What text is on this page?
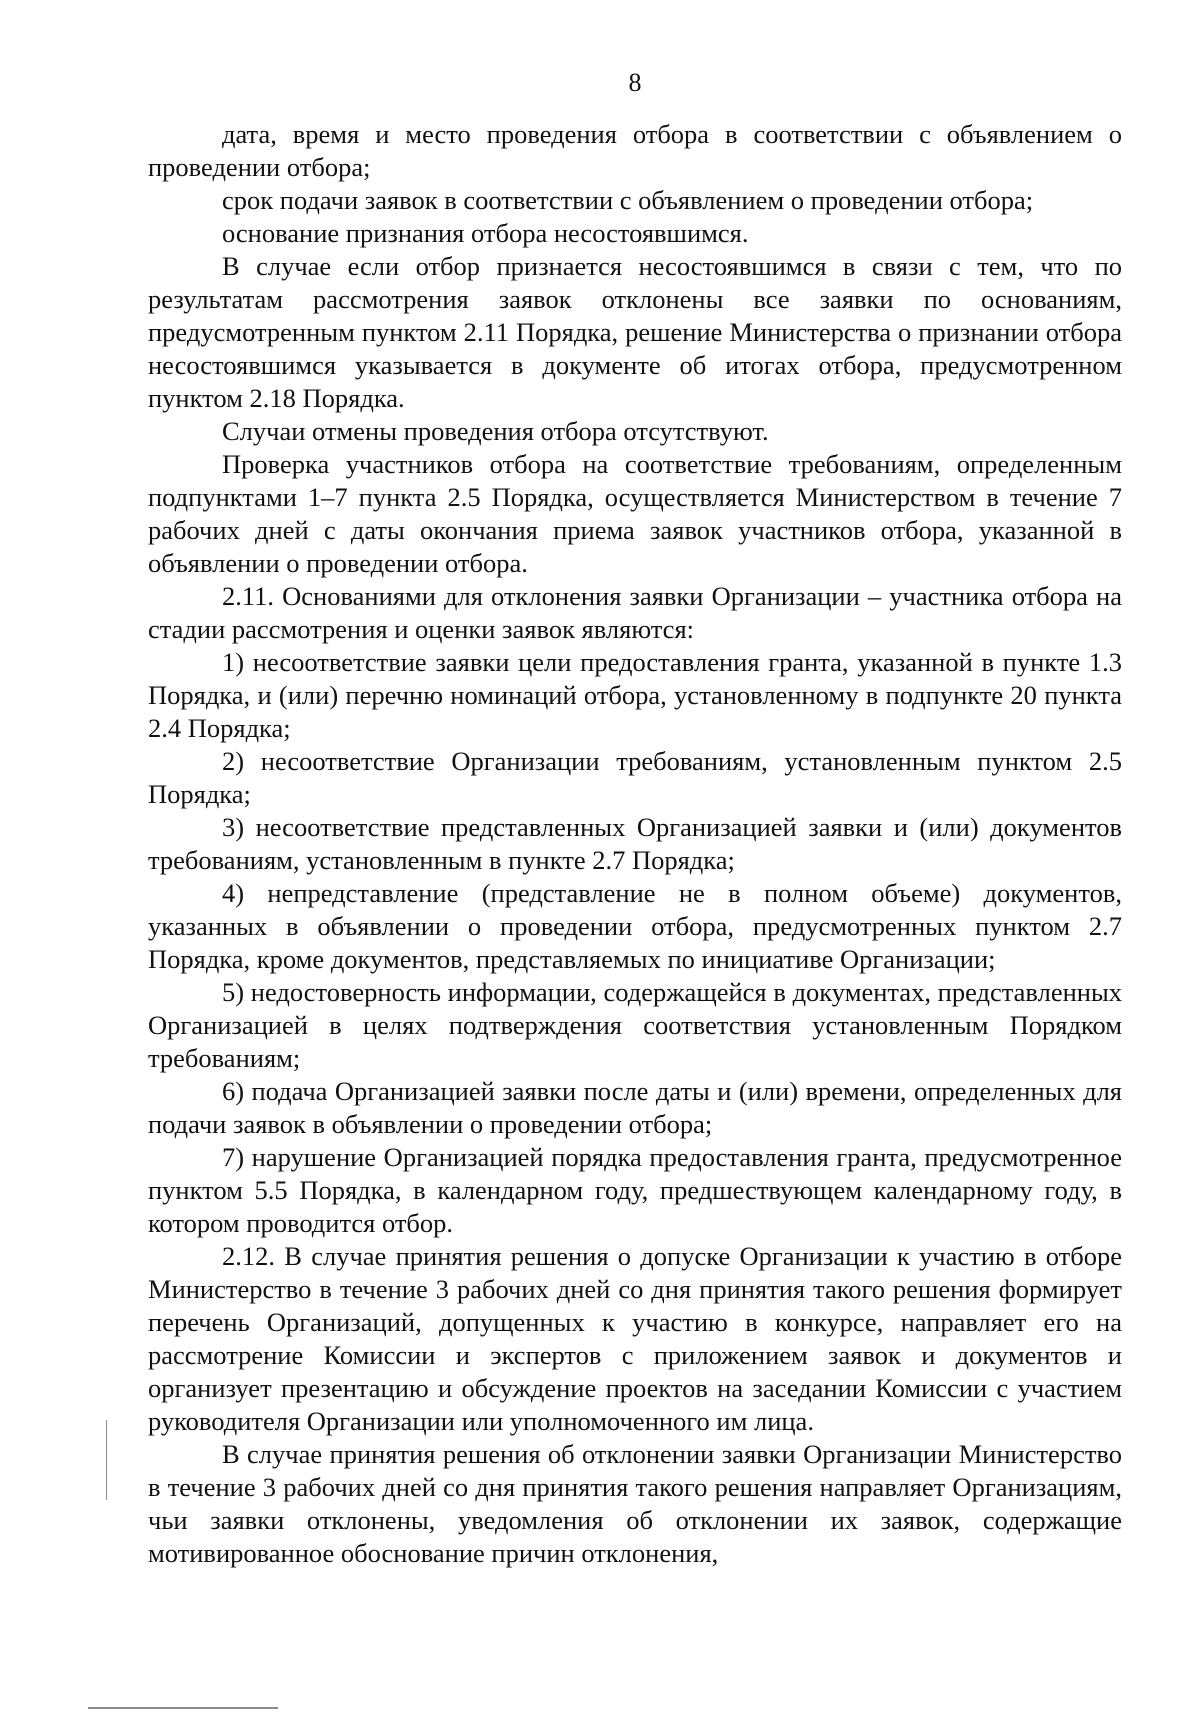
8

дата, время и место проведения отбора в соответствии с объявлением о проведении отбора;

срок подачи заявок в соответствии с объявлением о проведении отбора;

основание признания отбора несостоявшимся.

В случае если отбор признается несостоявшимся в связи с тем, что по результатам рассмотрения заявок отклонены все заявки по основаниям, предусмотренным пунктом 2.11 Порядка, решение Министерства о признании отбора несостоявшимся указывается в документе об итогах отбора, предусмотренном пунктом 2.18 Порядка.

Случаи отмены проведения отбора отсутствуют.

Проверка участников отбора на соответствие требованиям, определенным подпунктами 1–7 пункта 2.5 Порядка, осуществляется Министерством в течение 7 рабочих дней с даты окончания приема заявок участников отбора, указанной в объявлении о проведении отбора.

2.11. Основаниями для отклонения заявки Организации – участника отбора на стадии рассмотрения и оценки заявок являются:

1) несоответствие заявки цели предоставления гранта, указанной в пункте 1.3 Порядка, и (или) перечню номинаций отбора, установленному в подпункте 20 пункта 2.4 Порядка;

2) несоответствие Организации требованиям, установленным пунктом 2.5 Порядка;

3) несоответствие представленных Организацией заявки и (или) документов требованиям, установленным в пункте 2.7 Порядка;

4) непредставление (представление не в полном объеме) документов, указанных в объявлении о проведении отбора, предусмотренных пунктом 2.7 Порядка, кроме документов, представляемых по инициативе Организации;

5) недостоверность информации, содержащейся в документах, представленных Организацией в целях подтверждения соответствия установленным Порядком требованиям;

6) подача Организацией заявки после даты и (или) времени, определенных для подачи заявок в объявлении о проведении отбора;

7) нарушение Организацией порядка предоставления гранта, предусмотренное пунктом 5.5 Порядка, в календарном году, предшествующем календарному году, в котором проводится отбор.

2.12. В случае принятия решения о допуске Организации к участию в отборе Министерство в течение 3 рабочих дней со дня принятия такого решения формирует перечень Организаций, допущенных к участию в конкурсе, направляет его на рассмотрение Комиссии и экспертов с приложением заявок и документов и организует презентацию и обсуждение проектов на заседании Комиссии с участием руководителя Организации или уполномоченного им лица.

В случае принятия решения об отклонении заявки Организации Министерство в течение 3 рабочих дней со дня принятия такого решения направляет Организациям, чьи заявки отклонены, уведомления об отклонении их заявок, содержащие мотивированное обоснование причин отклонения,
